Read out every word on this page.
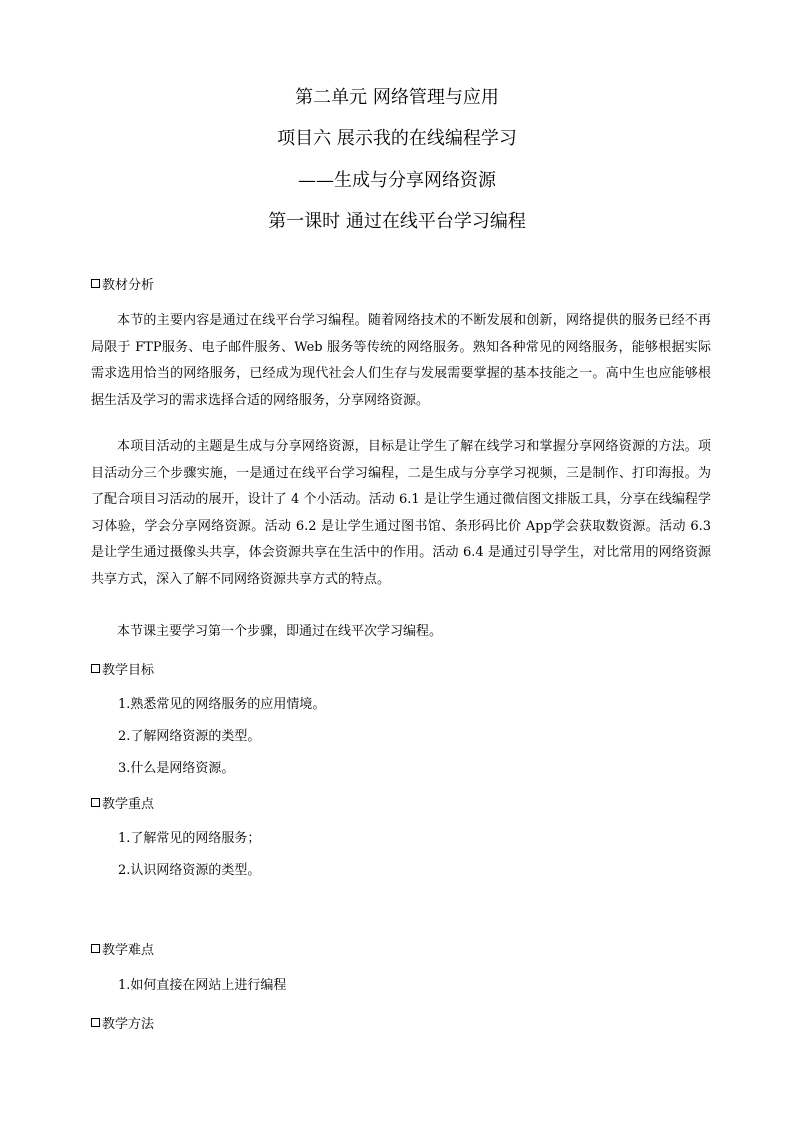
第二单元 网络管理与应用
项目六 展示我的在线编程学习
——生成与分享网络资源
第一课时 通过在线平台学习编程
教材分析
本节的主要内容是通过在线平台学习编程。随着网络技术的不断发展和创新，网络提供的服务已经不再局限于 FTP服务、电子邮件服务、Web 服务等传统的网络服务。熟知各种常见的网络服务，能够根据实际需求选用恰当的网络服务，已经成为现代社会人们生存与发展需要掌握的基本技能之一。高中生也应能够根据生活及学习的需求选择合适的网络服务，分享网络资源。
本项目活动的主题是生成与分享网络资源，目标是让学生了解在线学习和掌握分享网络资源的方法。项目活动分三个步骤实施，一是通过在线平台学习编程，二是生成与分享学习视频，三是制作、打印海报。为了配合项目习活动的展开，设计了 4 个小活动。活动 6.1 是让学生通过微信图文排版工具，分享在线编程学习体验，学会分享网络资源。活动 6.2 是让学生通过图书馆、条形码比价 App学会获取数资源。活动 6.3 是让学生通过摄像头共享，体会资源共享在生活中的作用。活动 6.4 是通过引导学生，对比常用的网络资源共享方式，深入了解不同网络资源共享方式的特点。
本节课主要学习第一个步骤，即通过在线平次学习编程。
教学目标
1.熟悉常见的网络服务的应用情境。
2.了解网络资源的类型。
3.什么是网络资源。
教学重点
1.了解常见的网络服务；
2.认识网络资源的类型。
教学难点
1.如何直接在网站上进行编程
教学方法
